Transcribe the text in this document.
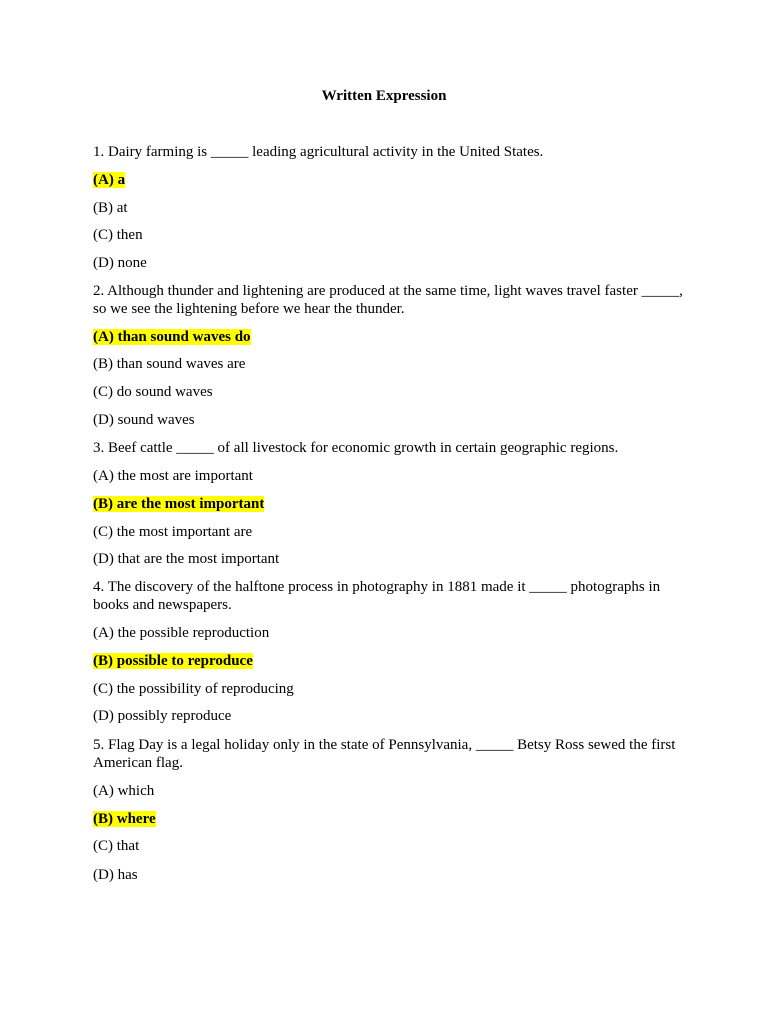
Written Expression
1. Dairy farming is _____ leading agricultural activity in the United States.
(A) a
(B) at
(C) then
(D) none
2. Although thunder and lightening are produced at the same time, light waves travel faster _____, so we see the lightening before we hear the thunder.
(A) than sound waves do
(B) than sound waves are
(C) do sound waves
(D) sound waves
3. Beef cattle _____ of all livestock for economic growth in certain geographic regions.
(A) the most are important
(B) are the most important
(C) the most important are
(D) that are the most important
4. The discovery of the halftone process in photography in 1881 made it _____ photographs in books and newspapers.
(A) the possible reproduction
(B) possible to reproduce
(C) the possibility of reproducing
(D) possibly reproduce
5. Flag Day is a legal holiday only in the state of Pennsylvania, _____ Betsy Ross sewed the first American flag.
(A) which
(B) where
(C) that
(D) has
